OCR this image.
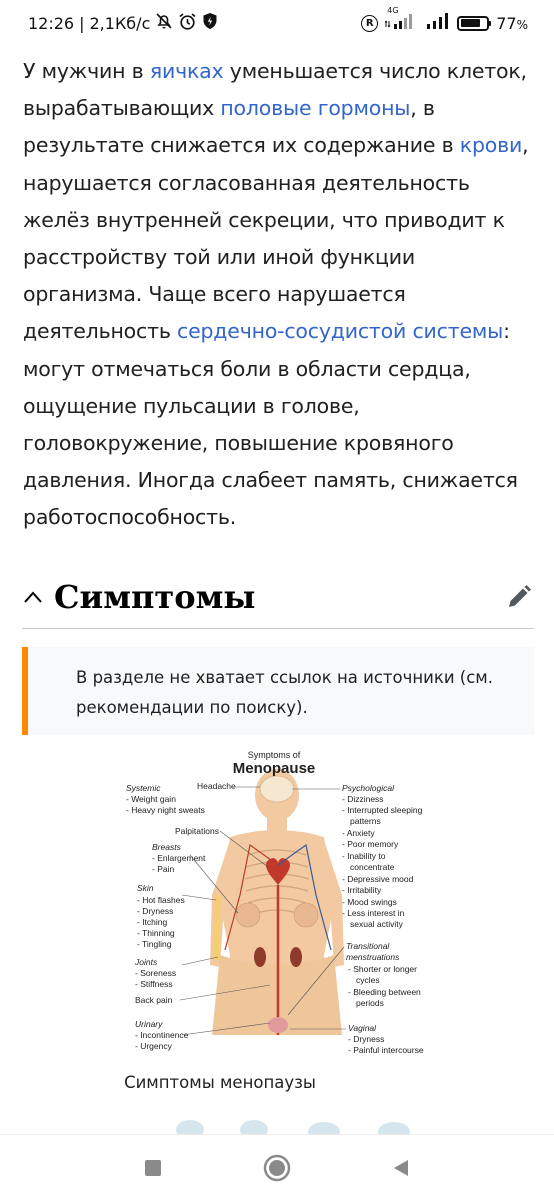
12:26 | 2,1Кб/с	R
4G
77%
У мужчин в яичках уменьшается число клеток, вырабатывающих половые гормоны, в результате снижается их содержание в крови, нарушается согласованная деятельность желёз внутренней секреции, что приводит к расстройству той или иной функции организма. Чаще всего нарушается деятельность сердечно-сосудистой системы: могут отмечаться боли в области сердца, ощущение пульсации в голове, головокружение, повышение кровяного давления. Иногда слабеет память, снижается работоспособность.
Симптомы
В разделе не хватает ссылок на источники (см. рекомендации по поиску).
Symptoms of
Menopause
Systemic
- Weight gain
- Heavy night sweats
Headache
Palpitations
Breasts
- Enlargement
- Pain
Skin
- Hot flashes
- Dryness
- Itching
- Thinning
- Tingling
Joints
- Soreness
- Stiffness
Back pain
Urinary
- Incontinence
- Urgency
Psychological
- Dizziness
- Interrupted sleeping
patterns
- Anxiety
- Poor memory
- Inability to
concentrate
- Depressive mood
- Irritability
- Mood swings
- Less interest in
sexual activity
Transitional
menstruations
- Shorter or longer
cycles
- Bleeding between
periods
Vaginal
- Dryness
- Painful intercourse
Симптомы менопаузы
